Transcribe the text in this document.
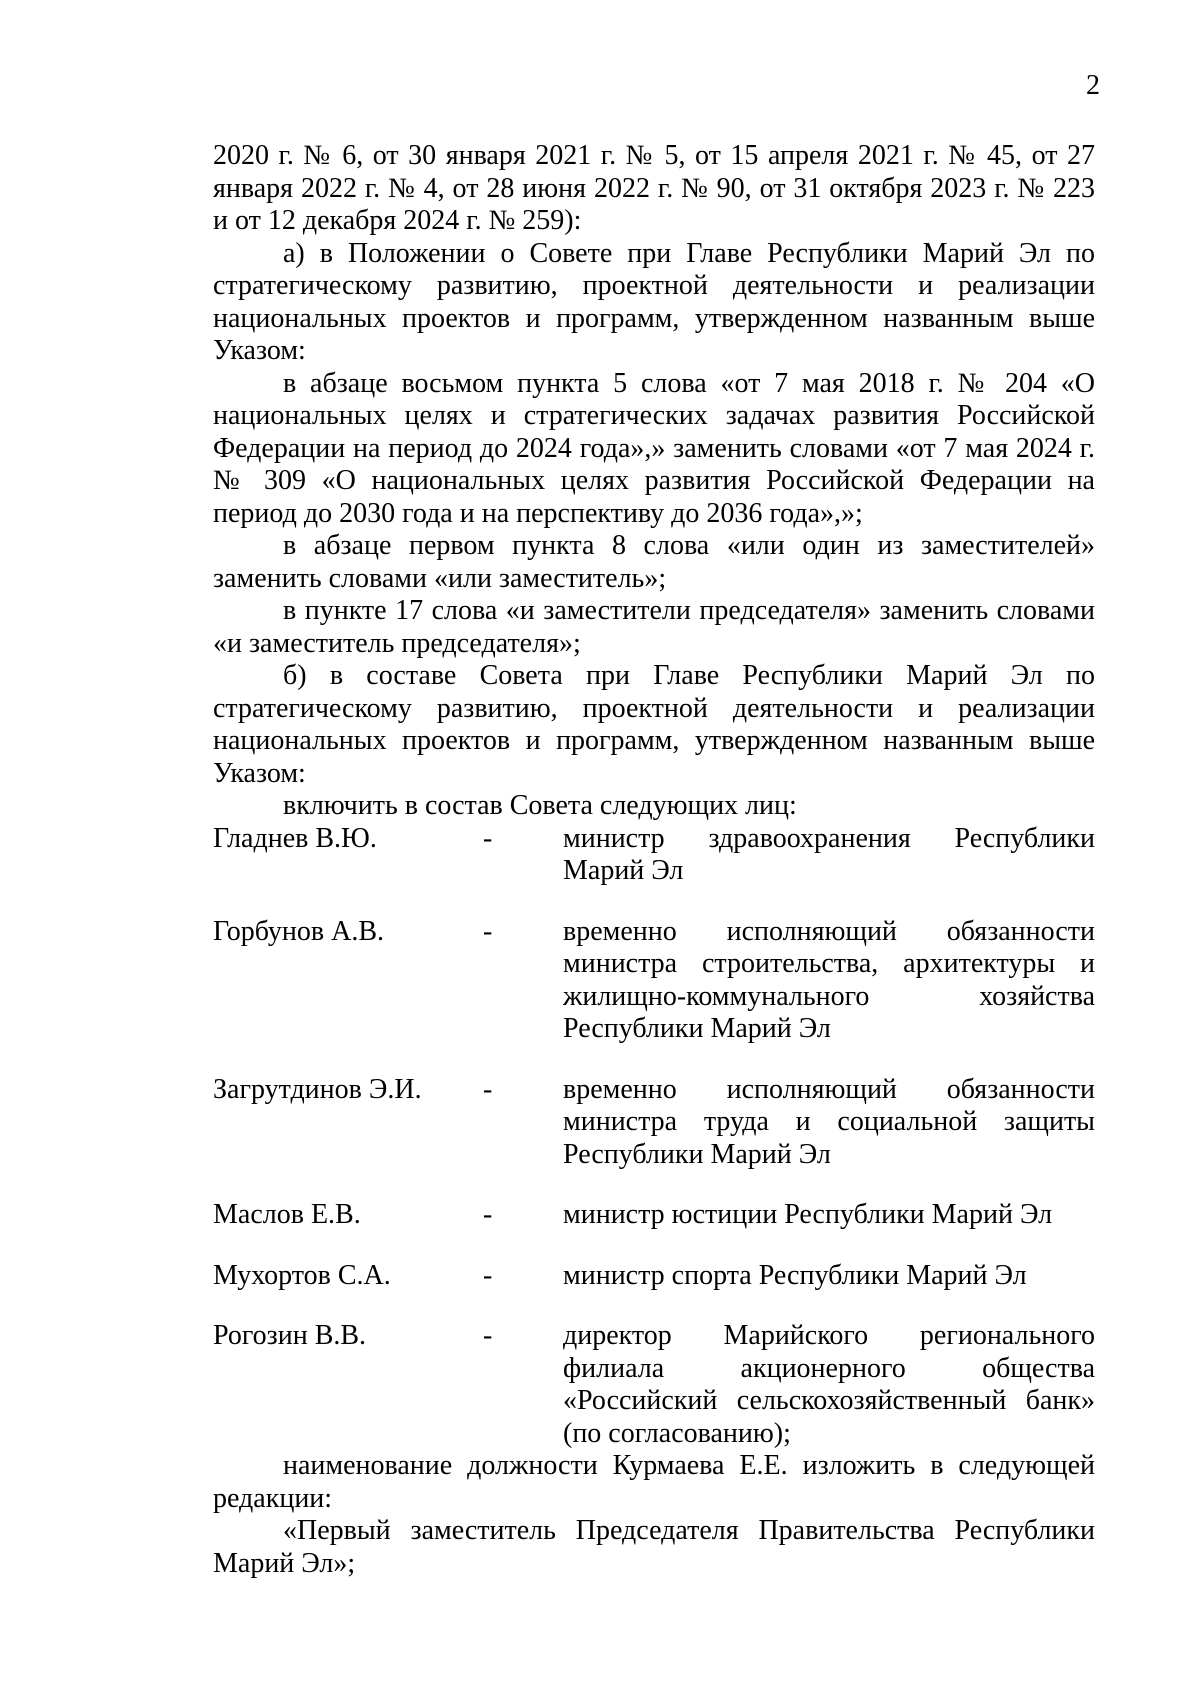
2

2020 г. № 6, от 30 января 2021 г. № 5, от 15 апреля 2021 г. № 45, от 27 января 2022 г. № 4, от 28 июня 2022 г. № 90, от 31 октября 2023 г. № 223 и от 12 декабря 2024 г. № 259):

а) в Положении о Совете при Главе Республики Марий Эл по стратегическому развитию, проектной деятельности и реализации национальных проектов и программ, утвержденном названным выше Указом:

в абзаце восьмом пункта 5 слова «от 7 мая 2018 г. № 204 «О национальных целях и стратегических задачах развития Российской Федерации на период до 2024 года»,» заменить словами «от 7 мая 2024 г. № 309 «О национальных целях развития Российской Федерации на период до 2030 года и на перспективу до 2036 года»,»;

в абзаце первом пункта 8 слова «или один из заместителей» заменить словами «или заместитель»;

в пункте 17 слова «и заместители председателя» заменить словами «и заместитель председателя»;

б) в составе Совета при Главе Республики Марий Эл по стратегическому развитию, проектной деятельности и реализации национальных проектов и программ, утвержденном названным выше Указом:

включить в состав Совета следующих лиц:

Гладнев В.Ю.	-	министр здравоохранения Республики Марий Эл
Горбунов А.В.	-	временно исполняющий обязанности министра строительства, архитектуры и жилищно-коммунального хозяйства Республики Марий Эл
Загрутдинов Э.И.	-	временно исполняющий обязанности министра труда и социальной защиты Республики Марий Эл
Маслов Е.В.	-	министр юстиции Республики Марий Эл
Мухортов С.А.	-	министр спорта Республики Марий Эл
Рогозин В.В.	-	директор Марийского регионального филиала акционерного общества «Российский сельскохозяйственный банк» (по согласованию);

наименование должности Курмаева Е.Е. изложить в следующей редакции:

«Первый заместитель Председателя Правительства Республики Марий Эл»;
